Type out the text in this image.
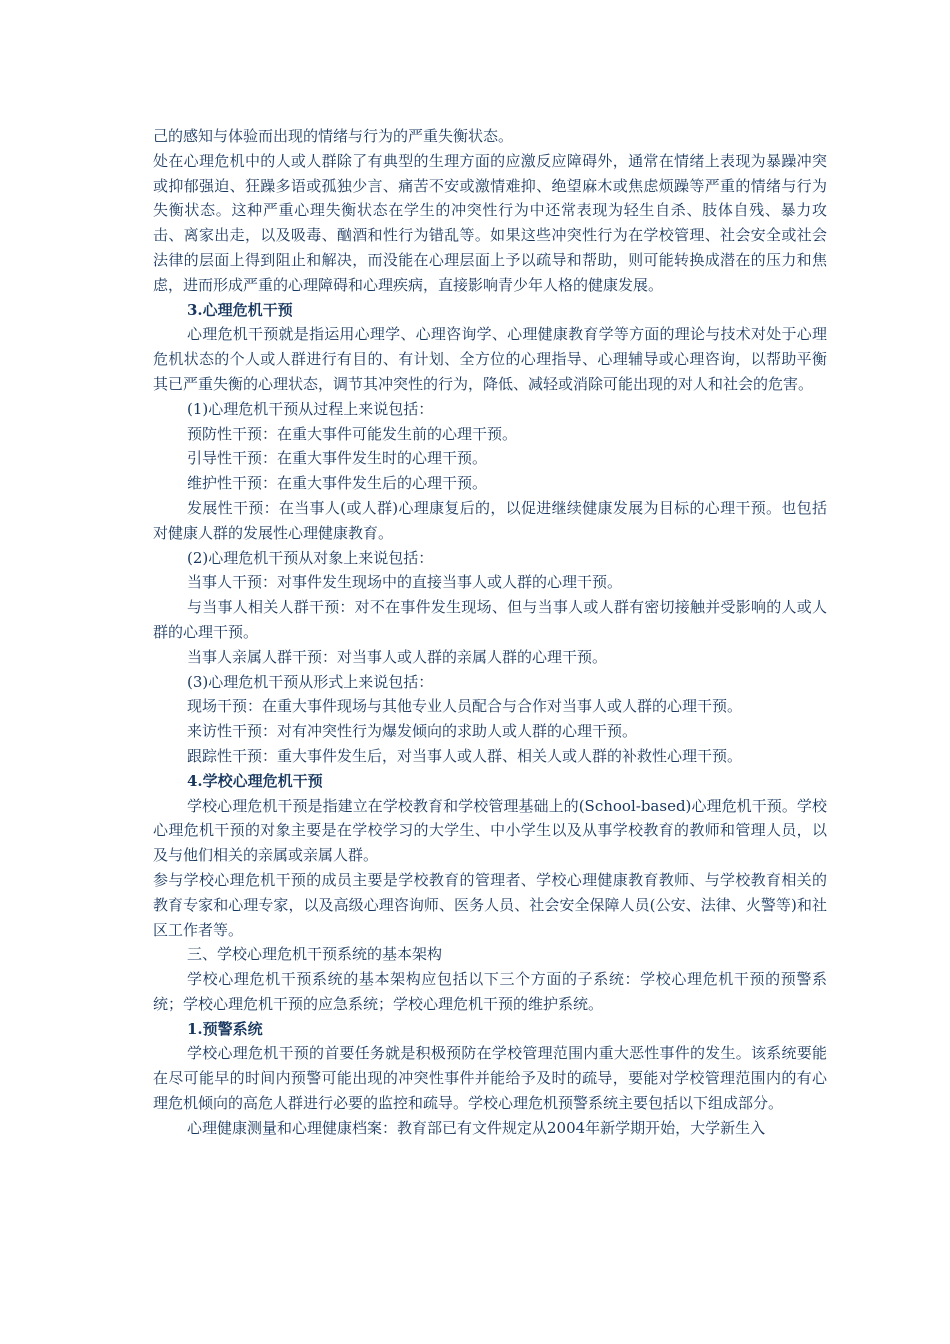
己的感知与体验而出现的情绪与行为的严重失衡状态。

处在心理危机中的人或人群除了有典型的生理方面的应激反应障碍外，通常在情绪上表现为暴躁冲突或抑郁强迫、狂躁多语或孤独少言、痛苦不安或激情难抑、绝望麻木或焦虑烦躁等严重的情绪与行为失衡状态。这种严重心理失衡状态在学生的冲突性行为中还常表现为轻生自杀、肢体自残、暴力攻击、离家出走，以及吸毒、酗酒和性行为错乱等。如果这些冲突性行为在学校管理、社会安全或社会法律的层面上得到阻止和解决，而没能在心理层面上予以疏导和帮助，则可能转换成潜在的压力和焦虑，进而形成严重的心理障碍和心理疾病，直接影响青少年人格的健康发展。

3.心理危机干预

心理危机干预就是指运用心理学、心理咨询学、心理健康教育学等方面的理论与技术对处于心理危机状态的个人或人群进行有目的、有计划、全方位的心理指导、心理辅导或心理咨询，以帮助平衡其已严重失衡的心理状态，调节其冲突性的行为，降低、减轻或消除可能出现的对人和社会的危害。

(1)心理危机干预从过程上来说包括：

预防性干预：在重大事件可能发生前的心理干预。

引导性干预：在重大事件发生时的心理干预。

维护性干预：在重大事件发生后的心理干预。

发展性干预：在当事人(或人群)心理康复后的，以促进继续健康发展为目标的心理干预。也包括对健康人群的发展性心理健康教育。

(2)心理危机干预从对象上来说包括：

当事人干预：对事件发生现场中的直接当事人或人群的心理干预。

与当事人相关人群干预：对不在事件发生现场、但与当事人或人群有密切接触并受影响的人或人群的心理干预。

当事人亲属人群干预：对当事人或人群的亲属人群的心理干预。

(3)心理危机干预从形式上来说包括：

现场干预：在重大事件现场与其他专业人员配合与合作对当事人或人群的心理干预。

来访性干预：对有冲突性行为爆发倾向的求助人或人群的心理干预。

跟踪性干预：重大事件发生后，对当事人或人群、相关人或人群的补救性心理干预。

4.学校心理危机干预

学校心理危机干预是指建立在学校教育和学校管理基础上的(School-based)心理危机干预。学校心理危机干预的对象主要是在学校学习的大学生、中小学生以及从事学校教育的教师和管理人员，以及与他们相关的亲属或亲属人群。

参与学校心理危机干预的成员主要是学校教育的管理者、学校心理健康教育教师、与学校教育相关的教育专家和心理专家，以及高级心理咨询师、医务人员、社会安全保障人员(公安、法律、火警等)和社区工作者等。

三、学校心理危机干预系统的基本架构

学校心理危机干预系统的基本架构应包括以下三个方面的子系统：学校心理危机干预的预警系统；学校心理危机干预的应急系统；学校心理危机干预的维护系统。

1.预警系统

学校心理危机干预的首要任务就是积极预防在学校管理范围内重大恶性事件的发生。该系统要能在尽可能早的时间内预警可能出现的冲突性事件并能给予及时的疏导，要能对学校管理范围内的有心理危机倾向的高危人群进行必要的监控和疏导。学校心理危机预警系统主要包括以下组成部分。

心理健康测量和心理健康档案：教育部已有文件规定从2004年新学期开始，大学新生入
